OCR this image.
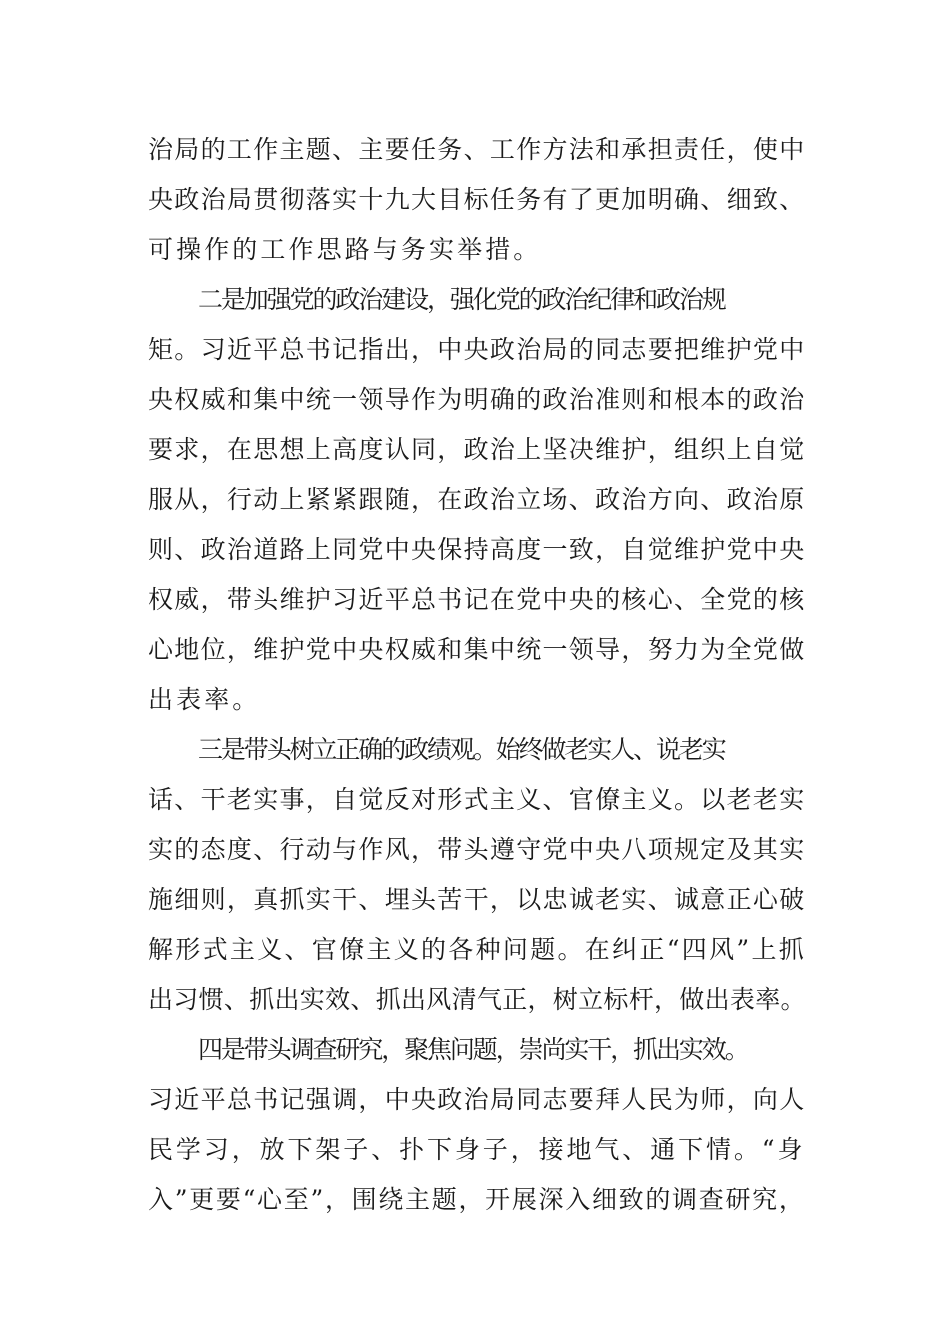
治局的工作主题、主要任务、工作方法和承担责任，使中
央政治局贯彻落实十九大目标任务有了更加明确、细致、
可操作的工作思路与务实举措。
二是加强党的政治建设，强化党的政治纪律和政治规
矩。习近平总书记指出，中央政治局的同志要把维护党中
央权威和集中统一领导作为明确的政治准则和根本的政治
要求，在思想上高度认同，政治上坚决维护，组织上自觉
服从，行动上紧紧跟随，在政治立场、政治方向、政治原
则、政治道路上同党中央保持高度一致，自觉维护党中央
权威，带头维护习近平总书记在党中央的核心、全党的核
心地位，维护党中央权威和集中统一领导，努力为全党做
出表率。
三是带头树立正确的政绩观。始终做老实人、说老实
话、干老实事，自觉反对形式主义、官僚主义。以老老实
实的态度、行动与作风，带头遵守党中央八项规定及其实
施细则，真抓实干、埋头苦干，以忠诚老实、诚意正心破
解形式主义、官僚主义的各种问题。在纠正“四风”上抓
出习惯、抓出实效、抓出风清气正，树立标杆，做出表率。
四是带头调查研究，聚焦问题，崇尚实干，抓出实效。
习近平总书记强调，中央政治局同志要拜人民为师，向人
民学习，放下架子、扑下身子，接地气、通下情。“身
入”更要“心至”，围绕主题，开展深入细致的调查研究，
